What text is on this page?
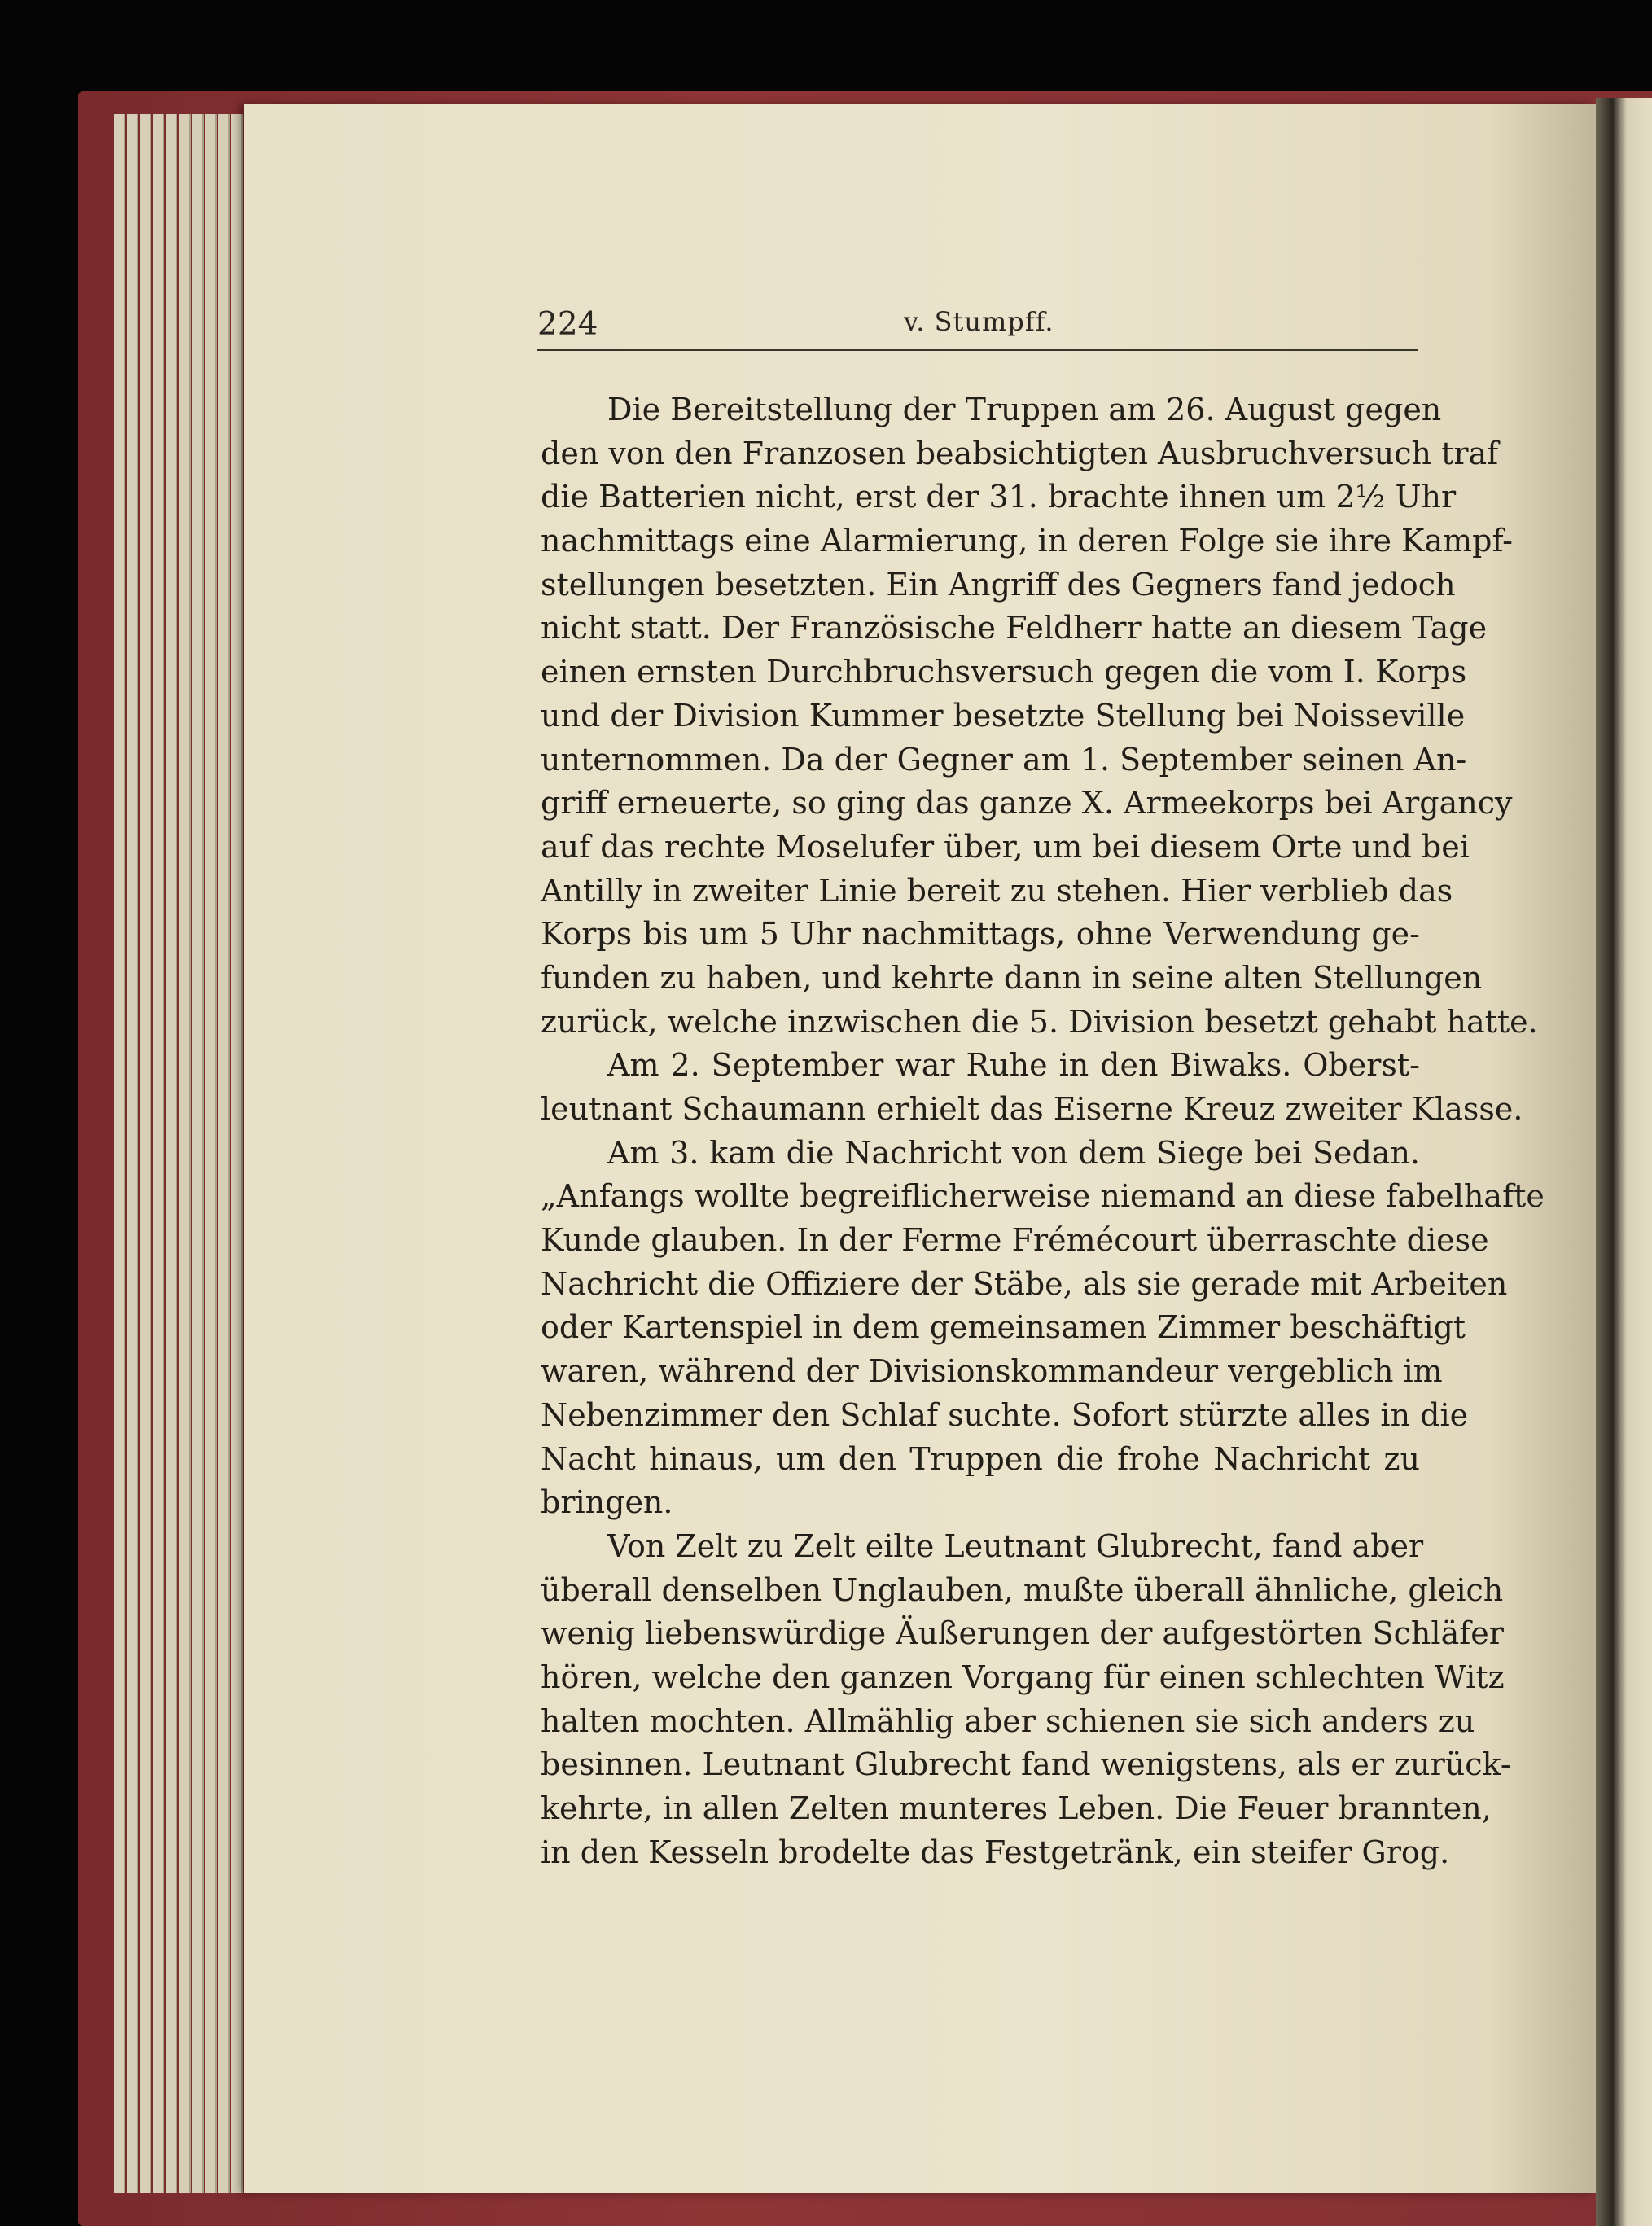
224	v. Stumpff.
Die Bereitstellung der Truppen am 26. August gegen
den von den Franzosen beabsichtigten Ausbruchversuch traf
die Batterien nicht, erst der 31. brachte ihnen um 2½ Uhr
nachmittags eine Alarmierung, in deren Folge sie ihre Kampf-
stellungen besetzten. Ein Angriff des Gegners fand jedoch
nicht statt. Der Französische Feldherr hatte an diesem Tage
einen ernsten Durchbruchsversuch gegen die vom I. Korps
und der Division Kummer besetzte Stellung bei Noisseville
unternommen. Da der Gegner am 1. September seinen An-
griff erneuerte, so ging das ganze X. Armeekorps bei Argancy
auf das rechte Moselufer über, um bei diesem Orte und bei
Antilly in zweiter Linie bereit zu stehen. Hier verblieb das
Korps bis um 5 Uhr nachmittags, ohne Verwendung ge-
funden zu haben, und kehrte dann in seine alten Stellungen
zurück, welche inzwischen die 5. Division besetzt gehabt hatte.
Am 2. September war Ruhe in den Biwaks. Oberst-
leutnant Schaumann erhielt das Eiserne Kreuz zweiter Klasse.
Am 3. kam die Nachricht von dem Siege bei Sedan.
„Anfangs wollte begreiflicherweise niemand an diese fabelhafte
Kunde glauben. In der Ferme Frémécourt überraschte diese
Nachricht die Offiziere der Stäbe, als sie gerade mit Arbeiten
oder Kartenspiel in dem gemeinsamen Zimmer beschäftigt
waren, während der Divisionskommandeur vergeblich im
Nebenzimmer den Schlaf suchte. Sofort stürzte alles in die
Nacht hinaus, um den Truppen die frohe Nachricht zu
bringen.
Von Zelt zu Zelt eilte Leutnant Glubrecht, fand aber
überall denselben Unglauben, mußte überall ähnliche, gleich
wenig liebenswürdige Äußerungen der aufgestörten Schläfer
hören, welche den ganzen Vorgang für einen schlechten Witz
halten mochten. Allmählig aber schienen sie sich anders zu
besinnen. Leutnant Glubrecht fand wenigstens, als er zurück-
kehrte, in allen Zelten munteres Leben. Die Feuer brannten,
in den Kesseln brodelte das Festgetränk, ein steifer Grog.
